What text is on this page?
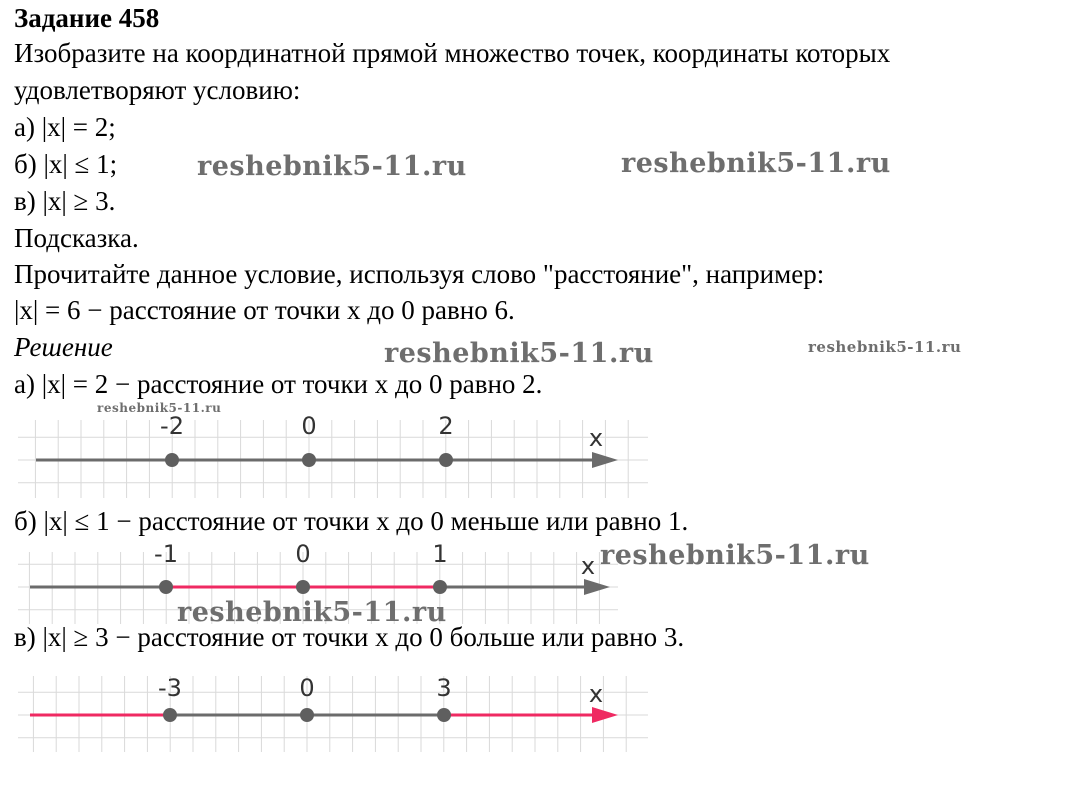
Задание 458
Изобразите на координатной прямой множество точек, координаты которых
удовлетворяют условию:
а) |x| = 2;
б) |x| ≤ 1;
в) |x| ≥ 3.
Подсказка.
Прочитайте данное условие, используя слово "расстояние", например:
|x| = 6 − расстояние от точки x до 0 равно 6.
Решение
а) |x| = 2 − расстояние от точки x до 0 равно 2.
б) |x| ≤ 1 − расстояние от точки x до 0 меньше или равно 1.
в) |x| ≥ 3 − расстояние от точки x до 0 больше или равно 3.
x
-2	0	2
x
-1	0	1
x
-3	0	3
reshebnik5-11.ru	reshebnik5-11.ru
reshebnik5-11.ru	reshebnik5-11.ru
reshebnik5-11.ru
reshebnik5-11.ru
reshebnik5-11.ru
